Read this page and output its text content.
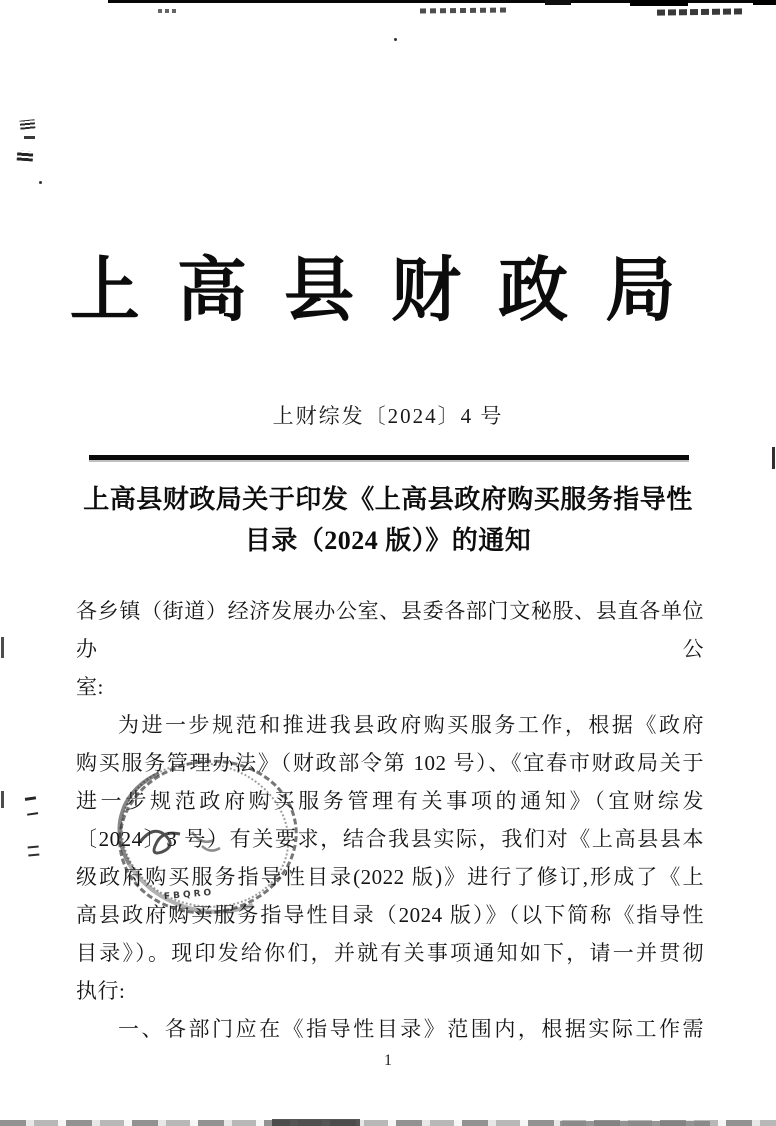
上 高 县 财 政 局
上财综发〔2024〕4 号
上高县财政局关于印发《上高县政府购买服务指导性
目录（2024 版）》的通知
各乡镇（街道）经济发展办公室、县委各部门文秘股、县直各单位办公
室:
为进一步规范和推进我县政府购买服务工作，根据《政府
购买服务管理办法》（财政部令第 102 号）、《宜春市财政局关于
进一步规范政府购买服务管理有关事项的通知》（宜财综发
〔2024〕3 号）有关要求，结合我县实际，我们对《上高县县本
级政府购买服务指导性目录(2022 版)》进行了修订,形成了《上
高县政府购买服务指导性目录（2024 版）》（以下简称《指导性
目录》）。现印发给你们，并就有关事项通知如下，请一并贯彻
执行:
一、各部门应在《指导性目录》范围内，根据实际工作需
FBQRO
1
